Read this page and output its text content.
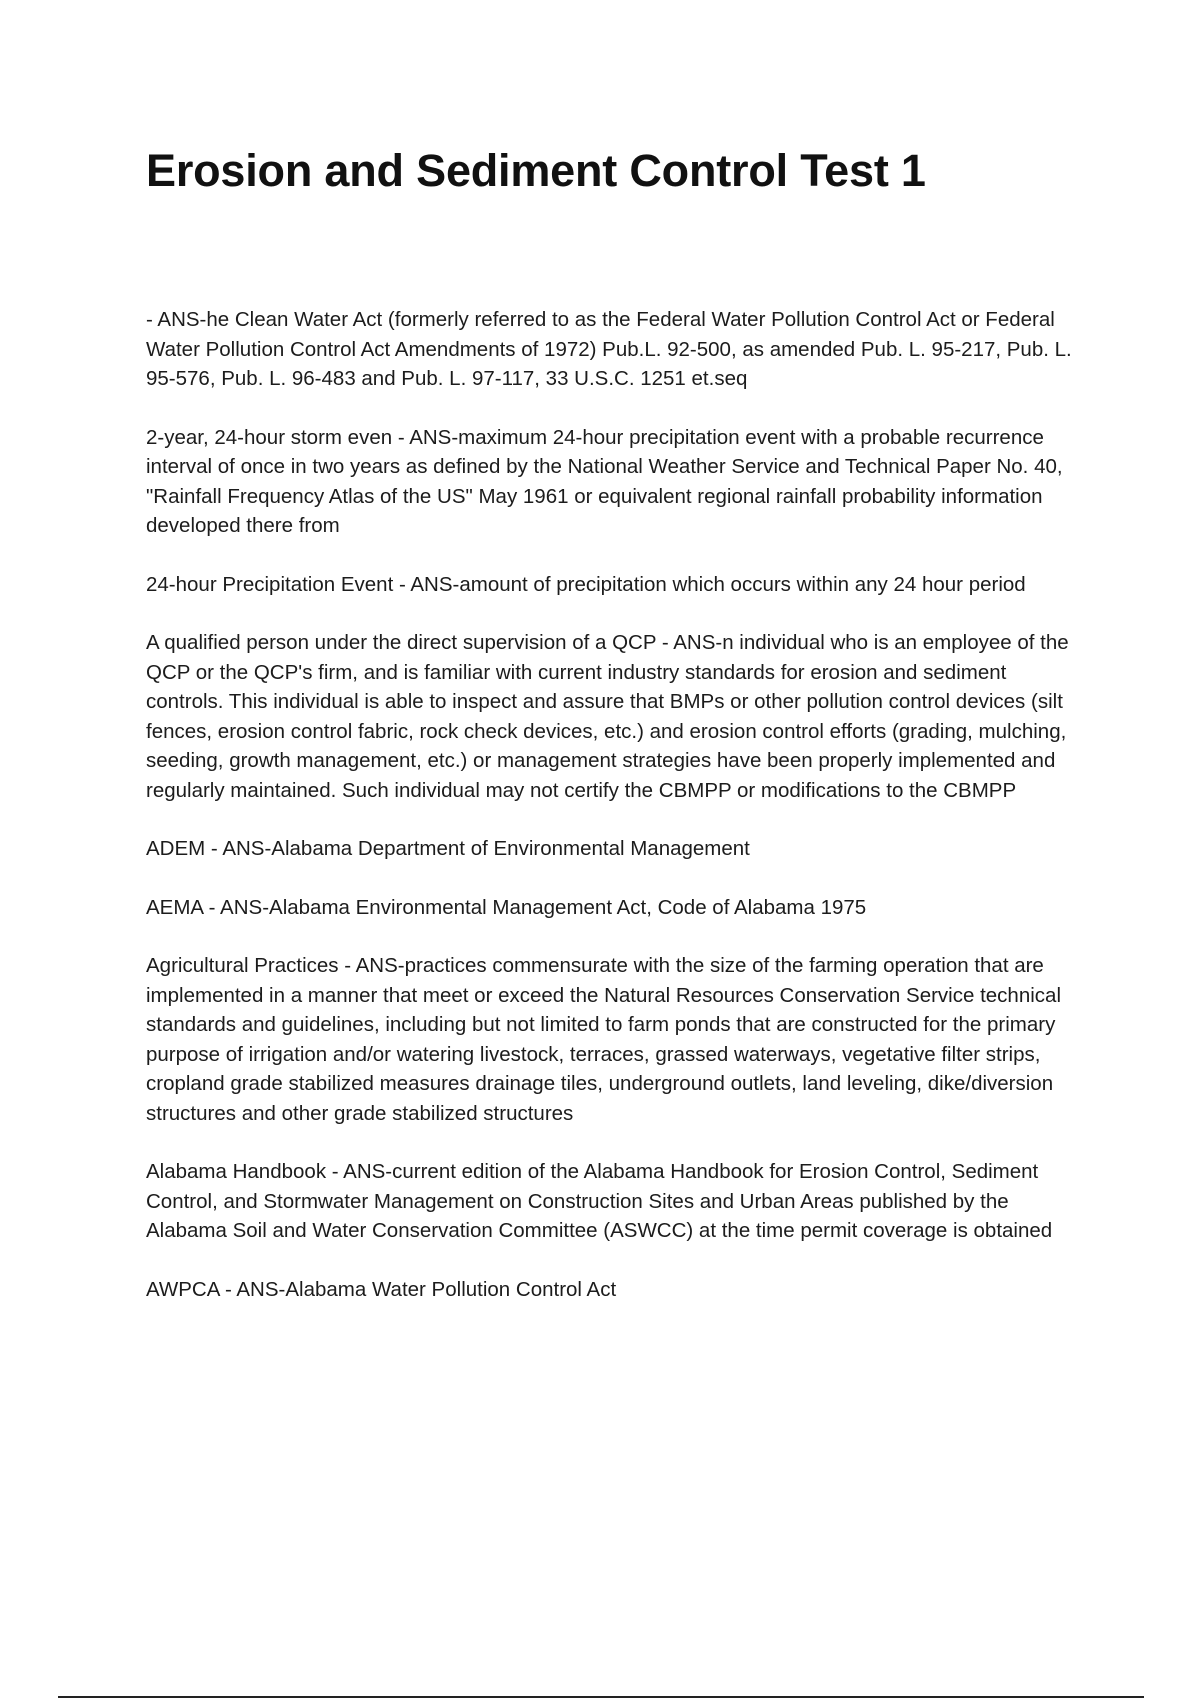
Erosion and Sediment Control Test 1

- ANS-he Clean Water Act (formerly referred to as the Federal Water Pollution Control Act or Federal Water Pollution Control Act Amendments of 1972) Pub.L. 92-500, as amended Pub. L. 95-217, Pub. L. 95-576, Pub. L. 96-483 and Pub. L. 97-117, 33 U.S.C. 1251 et.seq

2-year, 24-hour storm even - ANS-maximum 24-hour precipitation event with a probable recurrence interval of once in two years as defined by the National Weather Service and Technical Paper No. 40, "Rainfall Frequency Atlas of the US" May 1961 or equivalent regional rainfall probability information developed there from

24-hour Precipitation Event - ANS-amount of precipitation which occurs within any 24 hour period

A qualified person under the direct supervision of a QCP - ANS-n individual who is an employee of the QCP or the QCP's firm, and is familiar with current industry standards for erosion and sediment controls. This individual is able to inspect and assure that BMPs or other pollution control devices (silt fences, erosion control fabric, rock check devices, etc.) and erosion control efforts (grading, mulching, seeding, growth management, etc.) or management strategies have been properly implemented and regularly maintained. Such individual may not certify the CBMPP or modifications to the CBMPP

ADEM - ANS-Alabama Department of Environmental Management

AEMA - ANS-Alabama Environmental Management Act, Code of Alabama 1975

Agricultural Practices - ANS-practices commensurate with the size of the farming operation that are implemented in a manner that meet or exceed the Natural Resources Conservation Service technical standards and guidelines, including but not limited to farm ponds that are constructed for the primary purpose of irrigation and/or watering livestock, terraces, grassed waterways, vegetative filter strips, cropland grade stabilized measures drainage tiles, underground outlets, land leveling, dike/diversion structures and other grade stabilized structures

Alabama Handbook - ANS-current edition of the Alabama Handbook for Erosion Control, Sediment Control, and Stormwater Management on Construction Sites and Urban Areas published by the Alabama Soil and Water Conservation Committee (ASWCC) at the time permit coverage is obtained

AWPCA - ANS-Alabama Water Pollution Control Act
